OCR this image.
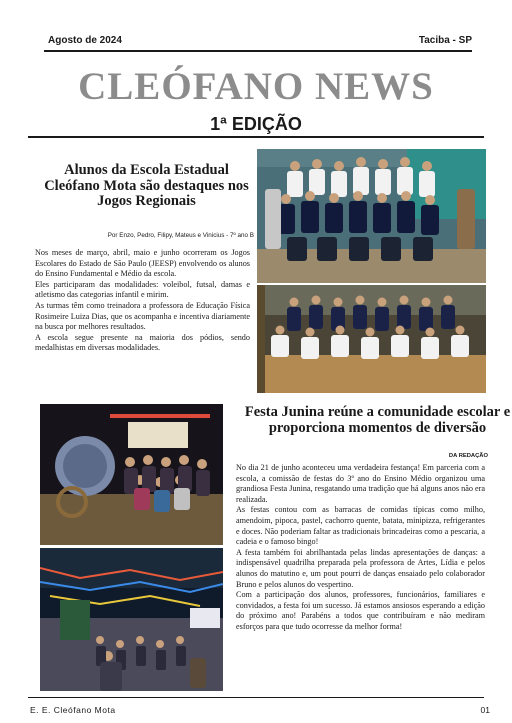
Agosto de 2024	Taciba - SP
CLEÓFANO NEWS
1ª EDIÇÃO
Alunos da Escola Estadual Cleófano Mota são destaques nos Jogos Regionais
Por Enzo, Pedro, Filipy, Mateus e Vinicius - 7º ano B

Nos meses de março, abril, maio e junho ocorreram os Jogos Escolares do Estado de São Paulo (JEESP) envolvendo os alunos do Ensino Fundamental e Médio da escola.

Eles participaram das modalidades: voleibol, futsal, damas e atletismo das categorias infantil e mirim.

As turmas têm como treinadora a professora de Educação Física Rosimeire Luiza Dias, que os acompanha e incentiva diariamente na busca por melhores resultados.

A escola segue presente na maioria dos pódios, sendo medalhistas em diversas modalidades.

Festa Junina reúne a comunidade escolar e proporciona momentos de diversão
DA REDAÇÃO

No dia 21 de junho aconteceu uma verdadeira festança! Em parceria com a escola, a comissão de festas do 3º ano do Ensino Médio organizou uma grandiosa Festa Junina, resgatando uma tradição que há alguns anos não era realizada.

As festas contou com as barracas de comidas típicas como milho, amendoim, pipoca, pastel, cachorro quente, batata, minipizza, refrigerantes e doces. Não poderiam faltar as tradicionais brincadeiras como a pescaria, a cadeia e o famoso bingo!

A festa também foi abrilhantada pelas lindas apresentações de danças: a indispensável quadrilha preparada pela professora de Artes, Lídia e pelos alunos do matutino e, um pout pourri de danças ensaiado pelo colaborador Bruno e pelos alunos do vespertino.

Com a participação dos alunos, professores, funcionários, familiares e convidados, a festa foi um sucesso. Já estamos ansiosos esperando a edição do próximo ano! Parabéns a todos que contribuíram e não mediram esforços para que tudo ocorresse da melhor forma!

E. E. Cleófano Mota	01
